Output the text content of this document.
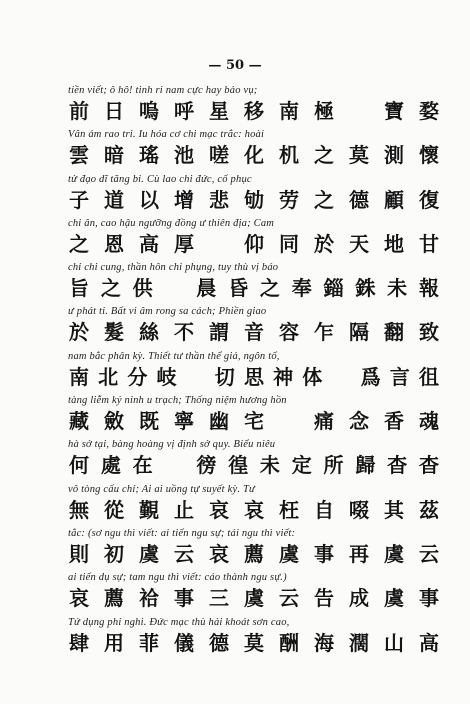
— 50 —
tiền viết; ô hô! tinh ri nam cực hay bảo vụ;
前 日 嗚 呼 星 移 南 極	寶 婺
Vân ảm rao tri. Iu hóa cơ chi mạc trắc: hoài
雲 暗 瑤 池 嗟 化 机 之 莫 測 懷
tử đạo dĩ tăng bi. Cù lao chi đức, cố phục
子 道 以 增 悲 劬 劳 之 德 顧 復
chi ân, cao hậu ngưỡng đồng ư thiên địa; Cam
之 恩 高 厚	仰 同 於 天 地 甘
chỉ chi cung, thần hôn chi phụng, tuy thù vị báo
旨 之 供 晨 昏 之 奉 錙 銖 未 報
ư phát ti. Bất vi âm rong sa cách; Phiền giao
於 髮 絲 不 謂 音 容 乍 隔 翻 致
nam bắc phân kỳ. Thiết tư thần thể giả, ngôn tố,
南 北 分 岐 切 思 神 体 爲 言 徂
tàng liễm ký ninh u trạch; Thống niệm hương hồn
藏 斂 既 寧 幽 宅	痛 念 香 魂
hà sở tại, bàng hoàng vị định sở quy. Biểu niêu
何 處 在 徬 徨 未 定 所 歸 杳 杳
vô tòng cấu chỉ; Ai ai uồng tự suyết kỳ. Tư
無 從 覲 止 哀 哀 枉 自 啜 其 茲
tắc: (sơ ngu thì viết: ai tiến ngu sự; tái ngu thì viết:
則 初 虞 云 哀 薦 虞 事 再 虞 云
ai tiến dụ sự; tam ngu thì viết: cáo thành ngu sự.)
哀 薦 祫 事 三 虞 云 告 成 虞 事
Tứ dụng phỉ nghi. Đức mạc thù hải khoát sơn cao,
肆 用 菲 儀 德 莫 酬 海 濶 山 高
